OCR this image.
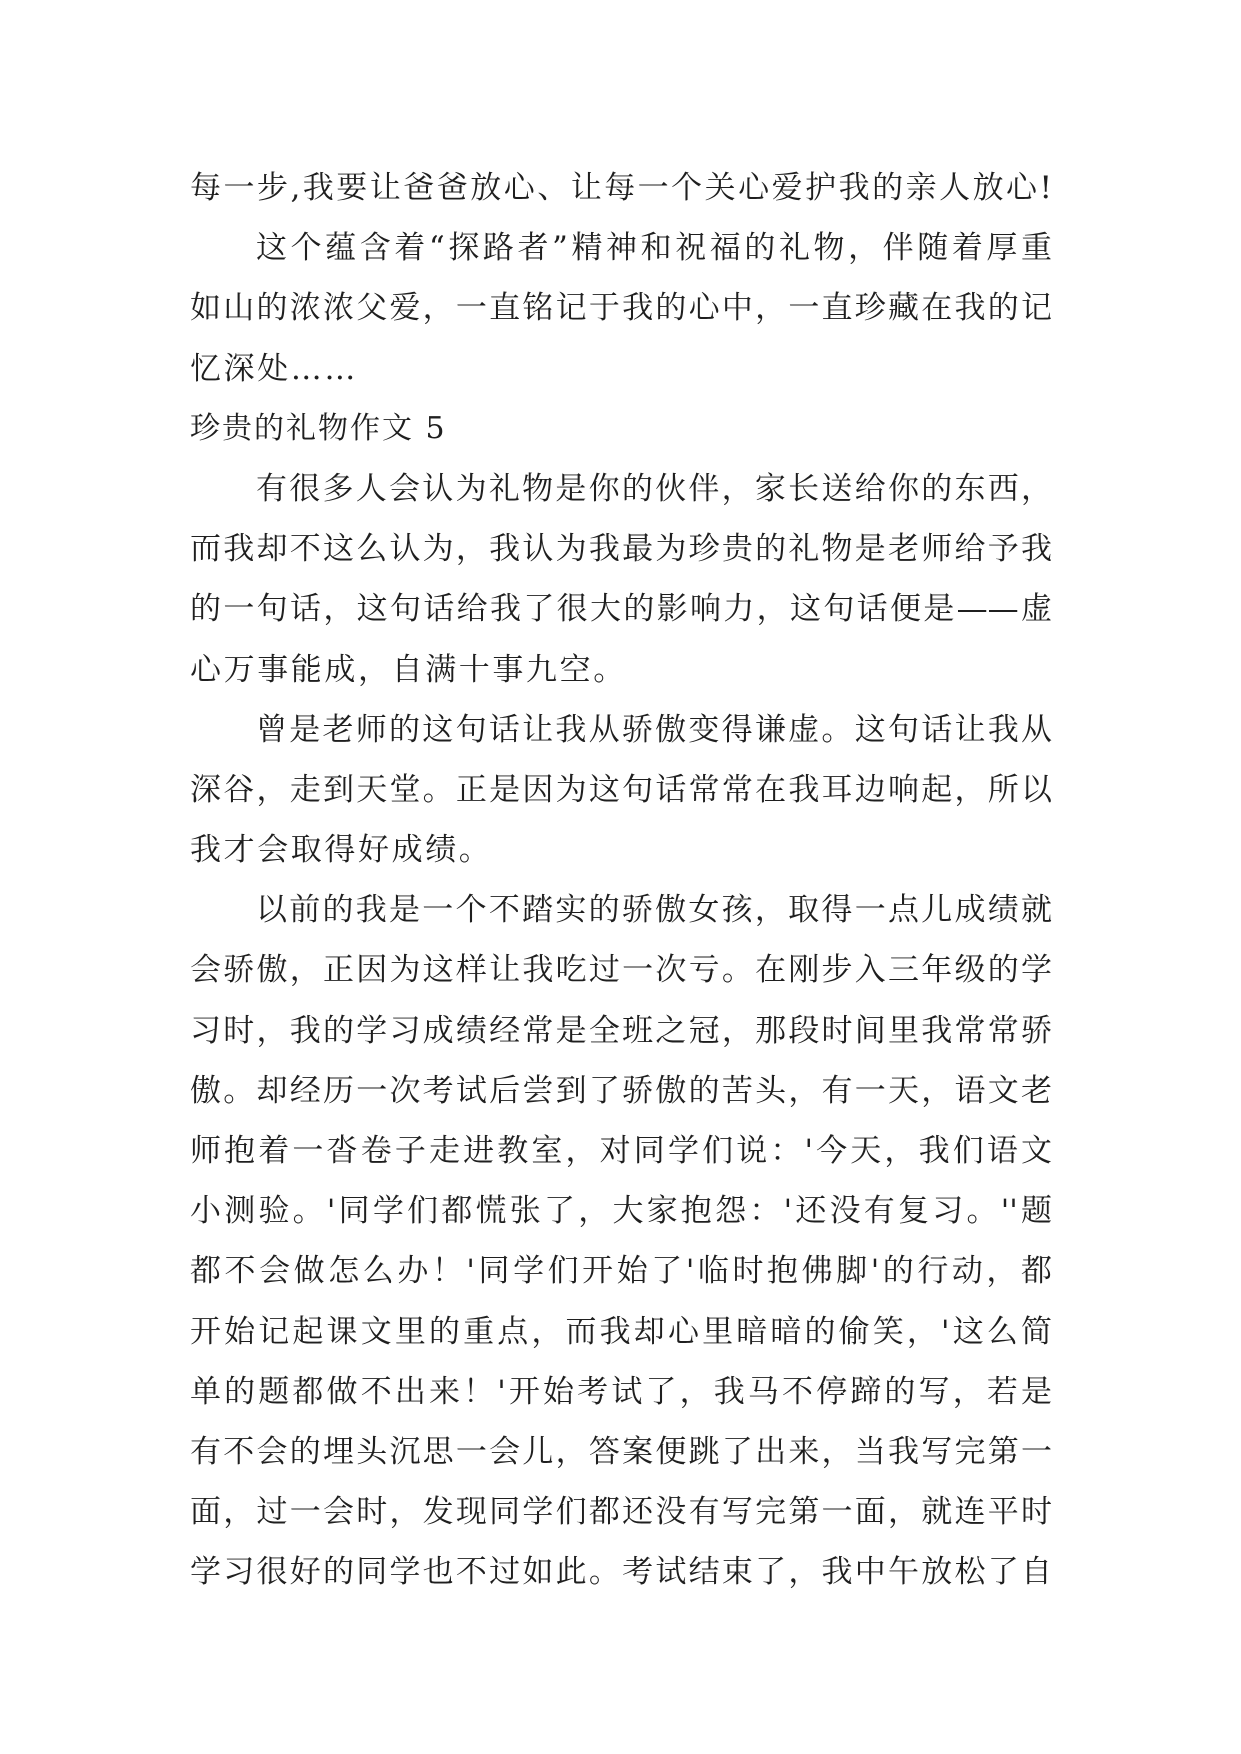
每一步,我要让爸爸放心、让每一个关心爱护我的亲人放心!
这个蕴含着“探路者”精神和祝福的礼物，伴随着厚重
如山的浓浓父爱，一直铭记于我的心中，一直珍藏在我的记
忆深处……
珍贵的礼物作文 5
有很多人会认为礼物是你的伙伴，家长送给你的东西，
而我却不这么认为，我认为我最为珍贵的礼物是老师给予我
的一句话，这句话给我了很大的影响力，这句话便是——虚
心万事能成，自满十事九空。
曾是老师的这句话让我从骄傲变得谦虚。这句话让我从
深谷，走到天堂。正是因为这句话常常在我耳边响起，所以
我才会取得好成绩。
以前的我是一个不踏实的骄傲女孩，取得一点儿成绩就
会骄傲，正因为这样让我吃过一次亏。在刚步入三年级的学
习时，我的学习成绩经常是全班之冠，那段时间里我常常骄
傲。却经历一次考试后尝到了骄傲的苦头，有一天，语文老
师抱着一沓卷子走进教室，对同学们说：'今天，我们语文
小测验。'同学们都慌张了，大家抱怨：'还没有复习。''题
都不会做怎么办！'同学们开始了'临时抱佛脚'的行动，都
开始记起课文里的重点，而我却心里暗暗的偷笑，'这么简
单的题都做不出来！'开始考试了，我马不停蹄的写，若是
有不会的埋头沉思一会儿，答案便跳了出来，当我写完第一
面，过一会时，发现同学们都还没有写完第一面，就连平时
学习很好的同学也不过如此。考试结束了，我中午放松了自
